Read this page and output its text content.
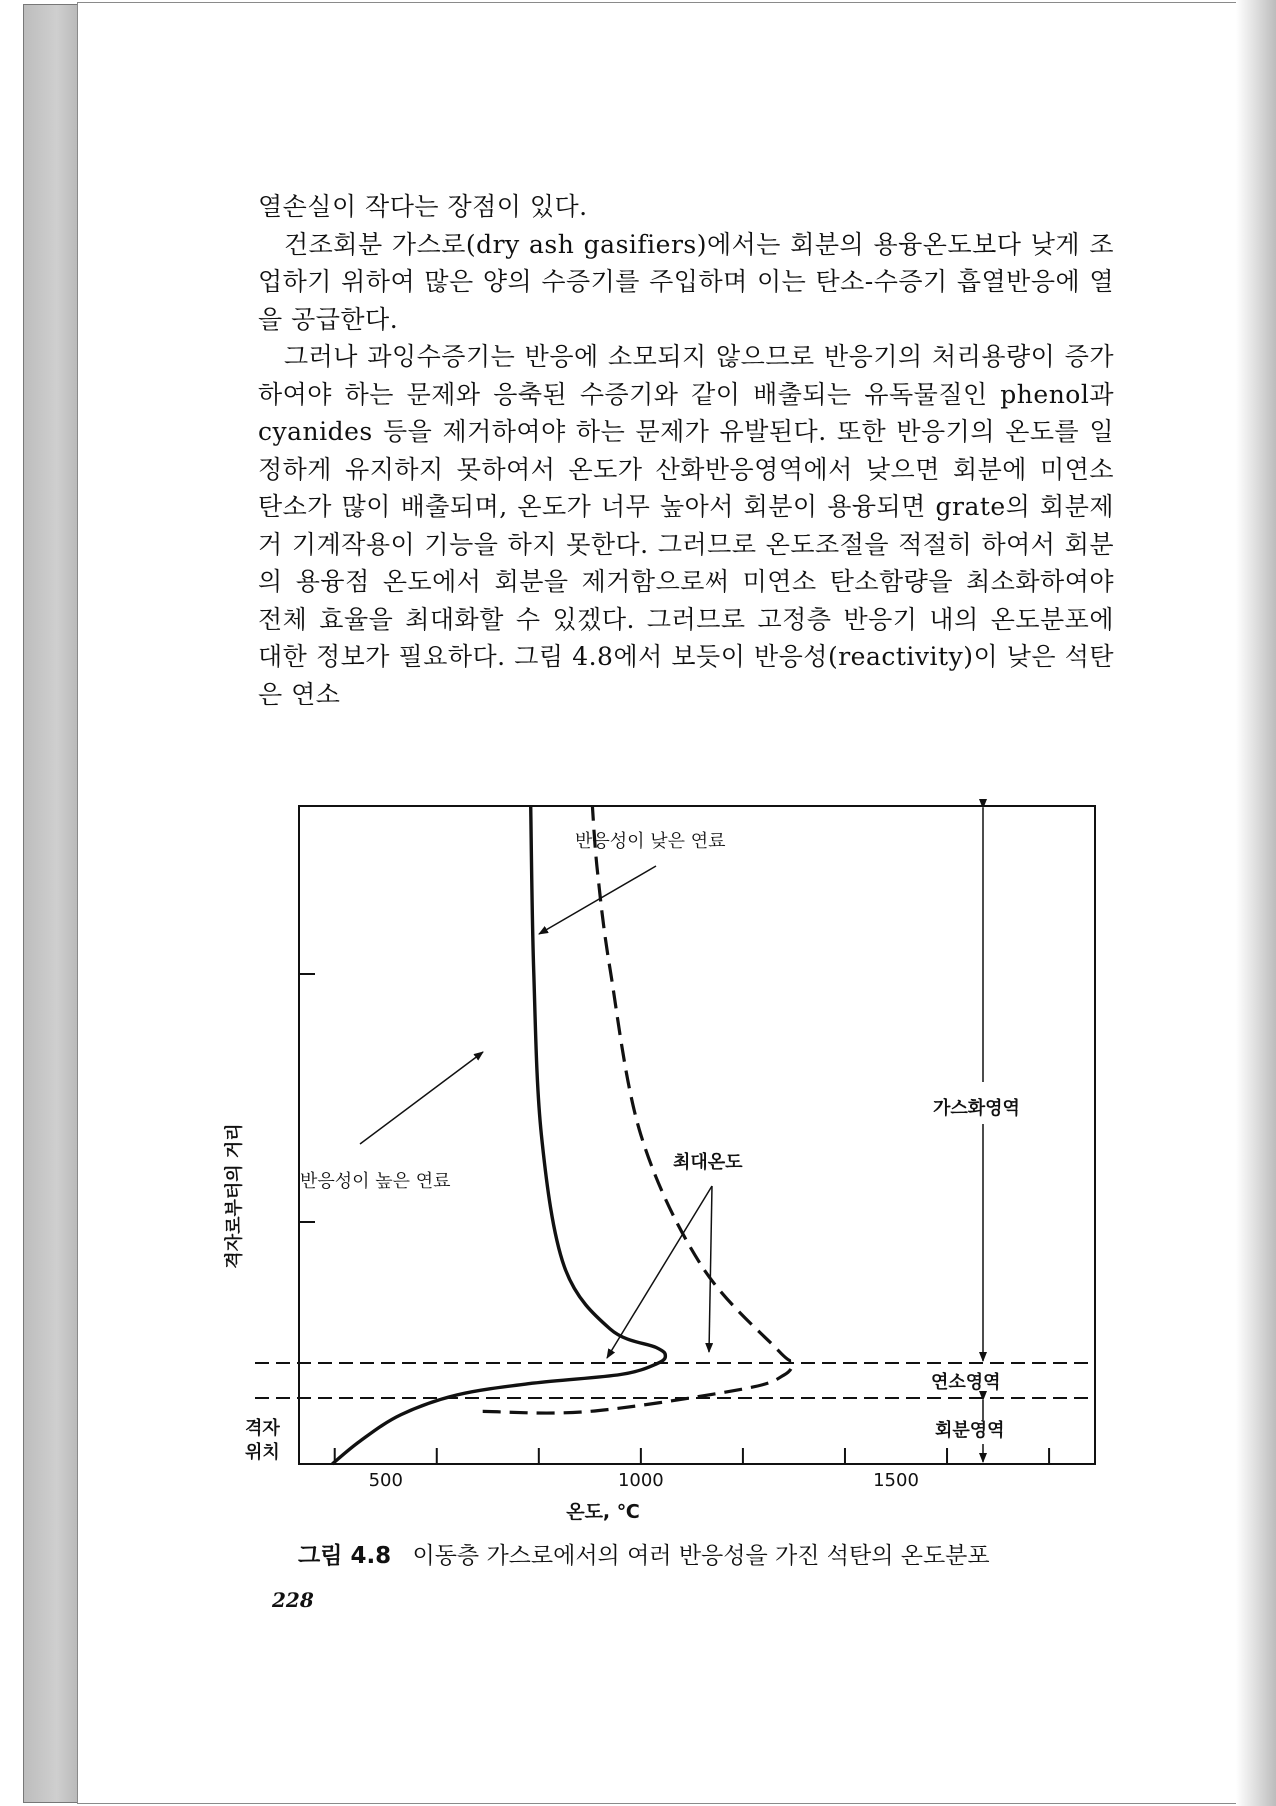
열손실이 작다는 장점이 있다.

건조회분 가스로(dry ash gasifiers)에서는 회분의 용융온도보다 낮게 조업하기 위하여 많은 양의 수증기를 주입하며 이는 탄소-수증기 흡열반응에 열을 공급한다.

그러나 과잉수증기는 반응에 소모되지 않으므로 반응기의 처리용량이 증가하여야 하는 문제와 응축된 수증기와 같이 배출되는 유독물질인 phenol과 cyanides 등을 제거하여야 하는 문제가 유발된다. 또한 반응기의 온도를 일정하게 유지하지 못하여서 온도가 산화반응영역에서 낮으면 회분에 미연소 탄소가 많이 배출되며, 온도가 너무 높아서 회분이 용융되면 grate의 회분제거 기계작용이 기능을 하지 못한다. 그러므로 온도조절을 적절히 하여서 회분의 용융점 온도에서 회분을 제거함으로써 미연소 탄소함량을 최소화하여야 전체 효율을 최대화할 수 있겠다. 그러므로 고정층 반응기 내의 온도분포에 대한 정보가 필요하다. 그림 4.8에서 보듯이 반응성(reactivity)이 낮은 석탄은 연소

반응성이 낮은 연료
반응성이 높은 연료
최대온도
가스화영역
연소영역
회분영역
격자
위치
격자로부터의 거리
온도, ℃
500	1000	1500
그림 4.8 이동층 가스로에서의 여러 반응성을 가진 석탄의 온도분포
228
